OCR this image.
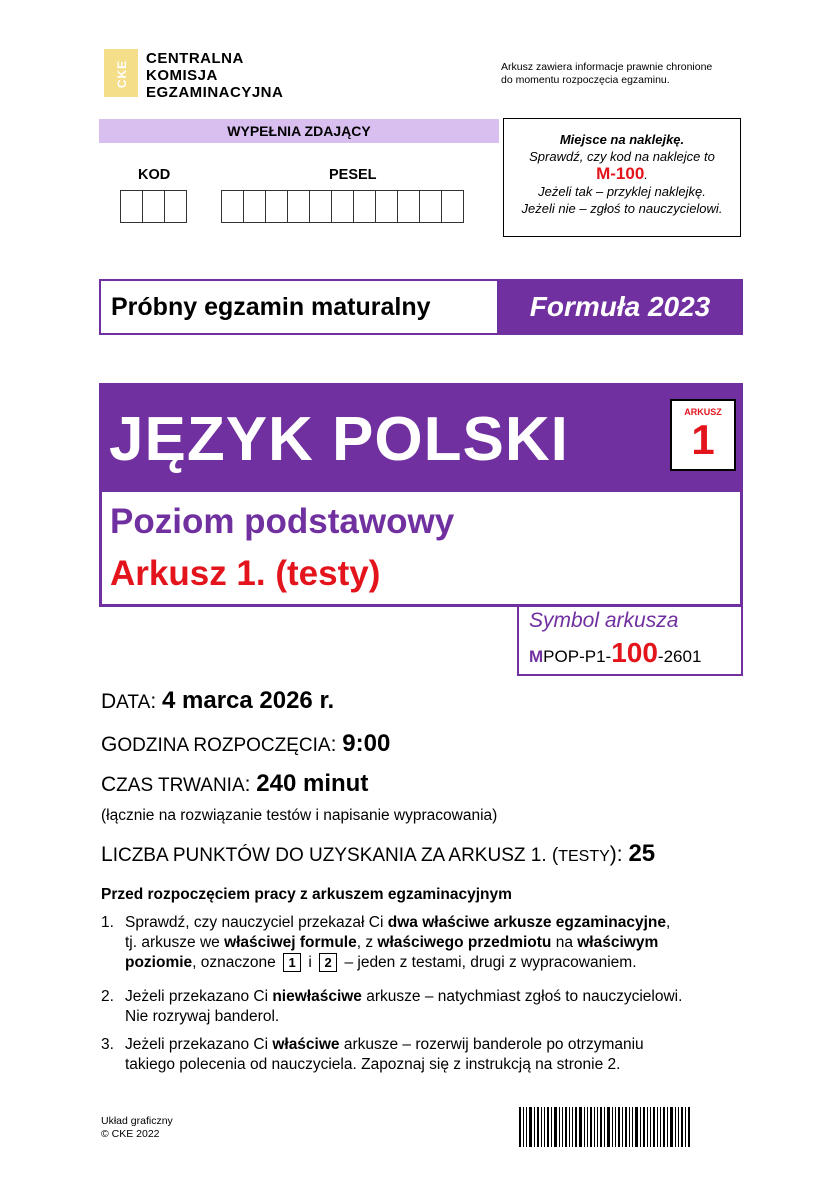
CKE
CENTRALNA
KOMISJA
EGZAMINACYJNA
Arkusz zawiera informacje prawnie chronione
do momentu rozpoczęcia egzaminu.
WYPEŁNIA ZDAJĄCY
KOD	PESEL
Miejsce na naklejkę.
Sprawdź, czy kod na naklejce to
M-100.
Jeżeli tak – przyklej naklejkę.
Jeżeli nie – zgłoś to nauczycielowi.
Próbny egzamin maturalny	Formuła 2023
JĘZYK POLSKI	ARKUSZ
1
Poziom podstawowy
Arkusz 1. (testy)
Symbol arkusza
MPOP-P1-100-2601
DATA: 4 marca 2026 r.
GODZINA ROZPOCZĘCIA: 9:00
CZAS TRWANIA: 240 minut
(łącznie na rozwiązanie testów i napisanie wypracowania)
LICZBA PUNKTÓW DO UZYSKANIA ZA ARKUSZ 1. (TESTY): 25
Przed rozpoczęciem pracy z arkuszem egzaminacyjnym
1. Sprawdź, czy nauczyciel przekazał Ci dwa właściwe arkusze egzaminacyjne,
tj. arkusze we właściwej formule, z właściwego przedmiotu na właściwym
poziomie, oznaczone 1 i 2 – jeden z testami, drugi z wypracowaniem.
2. Jeżeli przekazano Ci niewłaściwe arkusze – natychmiast zgłoś to nauczycielowi.
Nie rozrywaj banderol.
3. Jeżeli przekazano Ci właściwe arkusze – rozerwij banderole po otrzymaniu
takiego polecenia od nauczyciela. Zapoznaj się z instrukcją na stronie 2.
Układ graficzny
© CKE 2022
